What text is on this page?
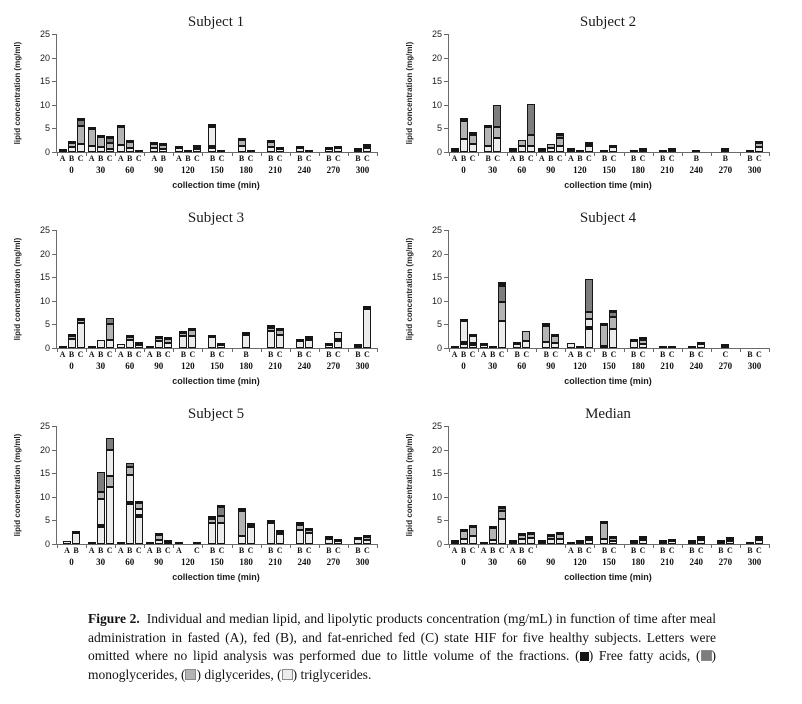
Subject 1
lipid concentration (mg/ml)
collection time (min)
0
5
10
15
20
25
A B C
0
A B C
30
A B C
60
A B
90
A B C
120
B C
150
B C
180
B C
210
B C
240
B C
270
B C
300
Subject 2
lipid concentration (mg/ml)
collection time (min)
0
5
10
15
20
25
A B C
0
B C
30
A B C
60
A B C
90
A B C
120
B C
150
B C
180
B C
210
B
240
B
270
B C
300
Subject 3
lipid concentration (mg/ml)
collection time (min)
0
5
10
15
20
25
A B C
0
A B C
30
A B C
60
A B C
90
B C
120
B C
150
B
180
B C
210
B C
240
B C
270
B C
300
Subject 4
lipid concentration (mg/ml)
collection time (min)
0
5
10
15
20
25
A B C
0
A B C
30
B C
60
B C
90
A B C
120
B C
150
B C
180
B C
210
B C
240
C
270
B C
300
Subject 5
lipid concentration (mg/ml)
collection time (min)
0
5
10
15
20
25
A B
0
A B C
30
A B C
60
A B C
90
A C
120
B C
150
B C
180
B C
210
B C
240
B C
270
B C
300
Median
lipid concentration (mg/ml)
collection time (min)
0
5
10
15
20
25
A B C
0
A B C
30
A B C
60	90
A B C
120
B C
150
B C
180
B C
210
B C
240
B C
270
B C
300
Figure 2. Individual and median lipid, and lipolytic products concentration (mg/mL) in function of time after meal administration in fasted (A), fed (B), and fat-enriched fed (C) state HIF for five healthy subjects. Letters were omitted where no lipid analysis was performed due to little volume of the fractions. ( ) Free fatty acids, ( ) monoglycerides, ( ) diglycerides, ( ) triglycerides.
